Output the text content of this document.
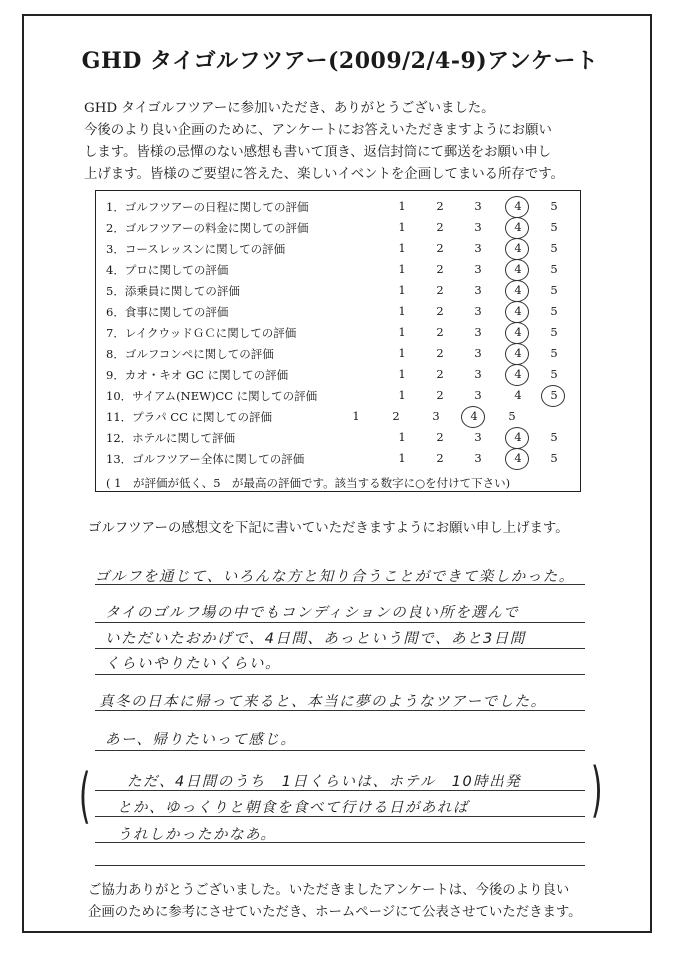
GHD タイゴルフツアー(2009/2/4-9)アンケート
GHD タイゴルフツアーに参加いただき、ありがとうございました。
今後のより良い企画のために、アンケートにお答えいただきますようにお願い
します。皆様の忌憚のない感想も書いて頂き、返信封筒にて郵送をお願い申し
上げます。皆様のご要望に答えた、楽しいイベントを企画してまいる所存です。
( 1　が評価が低く、5　が最高の評価です。該当する数字に○を付けて下さい)
1．ゴルフツアーの日程に関しての評価	1	2	3	4	5
2．ゴルフツアーの料金に関しての評価	1	2	3	4	5
3．コースレッスンに関しての評価	1	2	3	4	5
4．プロに関しての評価	1	2	3	4	5
5．添乗員に関しての評価	1	2	3	4	5
6．食事に関しての評価	1	2	3	4	5
7．レイクウッドＧＣに関しての評価	1	2	3	4	5
8．ゴルフコンペに関しての評価	1	2	3	4	5
9．カオ・キオ GC に関しての評価	1	2	3	4	5
10．サイアム(NEW)CC に関しての評価	1	2	3	4	5
11．プラパ CC に関しての評価	1	2	3	4	5
12．ホテルに関して評価	1	2	3	4	5
13．ゴルフツアー全体に関しての評価	1	2	3	4	5
ゴルフツアーの感想文を下記に書いていただきますようにお願い申し上げます。
ゴルフを通じて、いろんな方と知り合うことができて楽しかった。
タイのゴルフ場の中でもコンディションの良い所を選んで
いただいたおかげで、4日間、あっという間で、あと3日間
くらいやりたいくらい。
真冬の日本に帰って来ると、本当に夢のようなツアーでした。
あー、帰りたいって感じ。
ただ、4日間のうち　1日くらいは、ホテル　10時出発
とか、ゆっくりと朝食を食べて行ける日があれば
うれしかったかなあ。
(	)
ご協力ありがとうございました。いただきましたアンケートは、今後のより良い
企画のために参考にさせていただき、ホームページにて公表させていただきます。
